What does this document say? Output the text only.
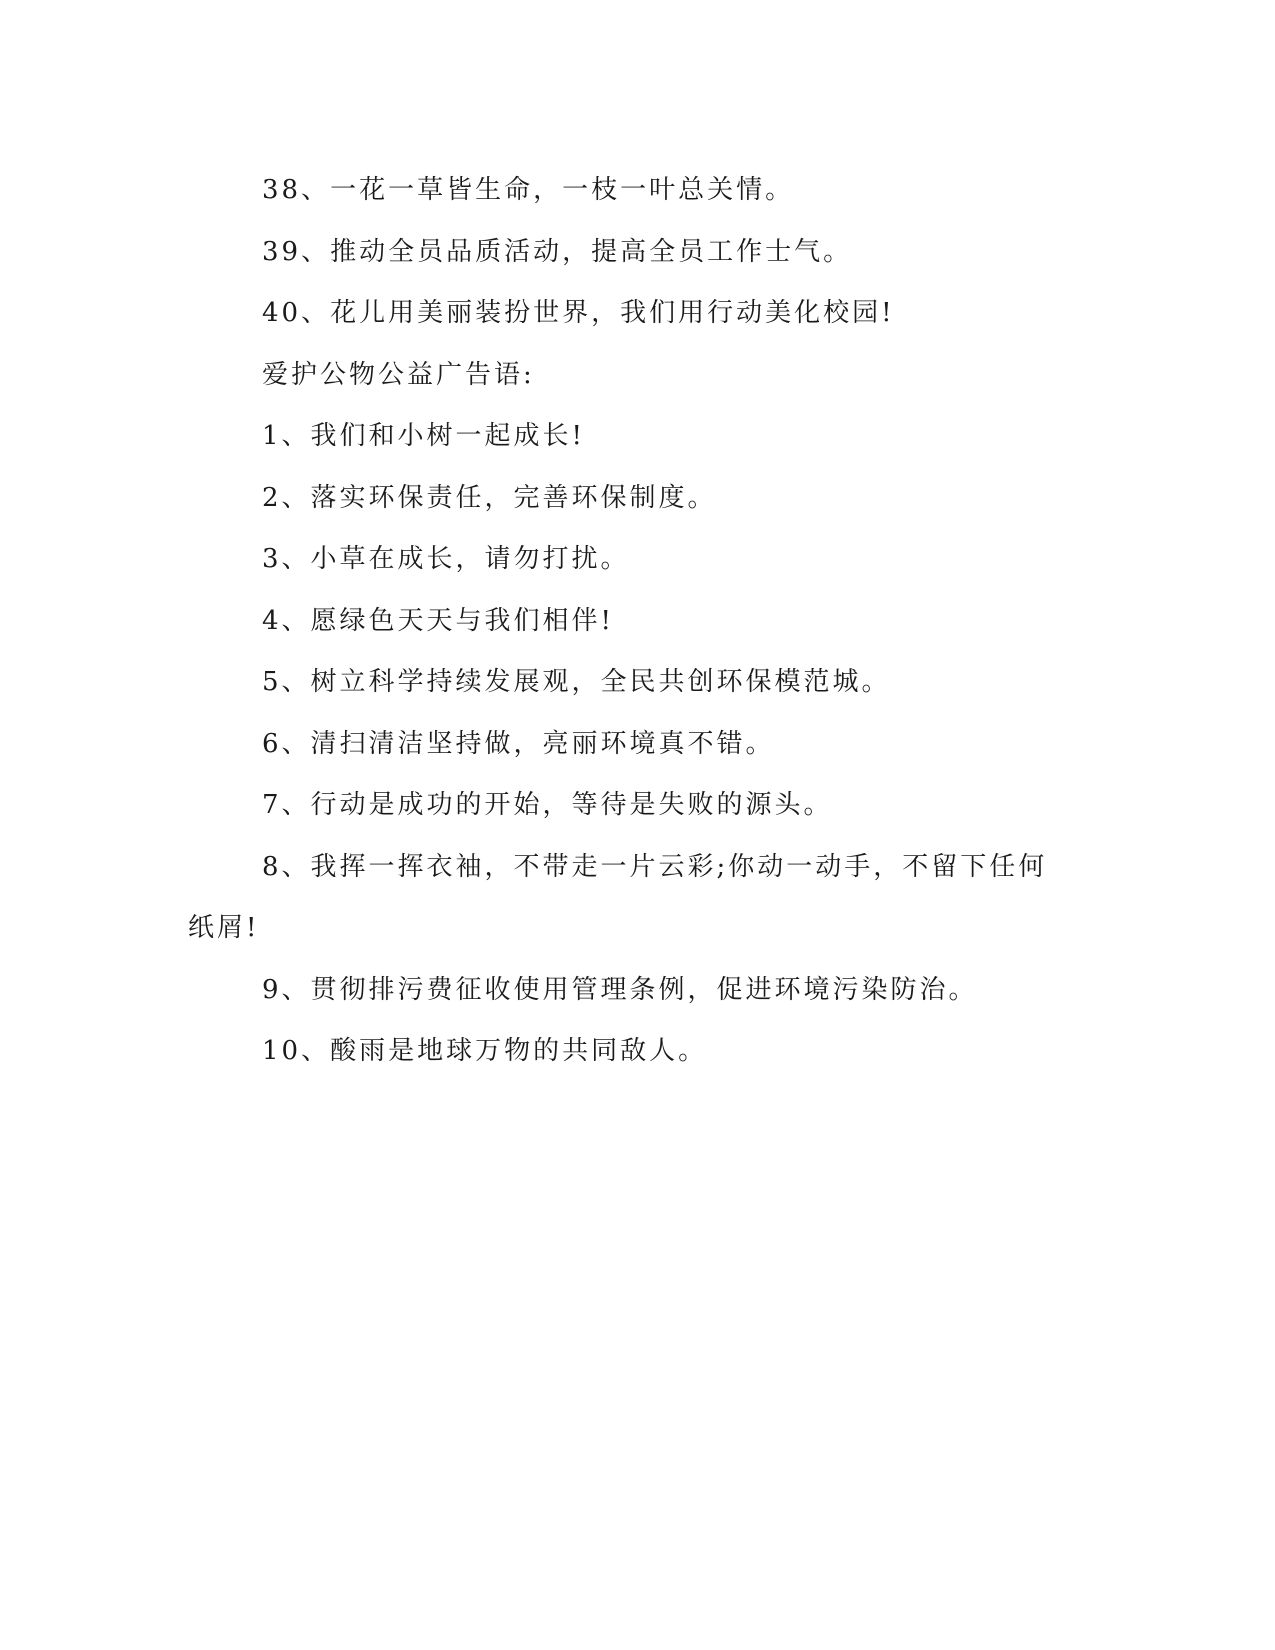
38、一花一草皆生命，一枝一叶总关情。

39、推动全员品质活动，提高全员工作士气。

40、花儿用美丽装扮世界，我们用行动美化校园!

爱护公物公益广告语:

1、我们和小树一起成长!

2、落实环保责任，完善环保制度。

3、小草在成长，请勿打扰。

4、愿绿色天天与我们相伴!

5、树立科学持续发展观，全民共创环保模范城。

6、清扫清洁坚持做，亮丽环境真不错。

7、行动是成功的开始，等待是失败的源头。

8、我挥一挥衣袖，不带走一片云彩;你动一动手，不留下任何纸屑!

9、贯彻排污费征收使用管理条例，促进环境污染防治。

10、酸雨是地球万物的共同敌人。
